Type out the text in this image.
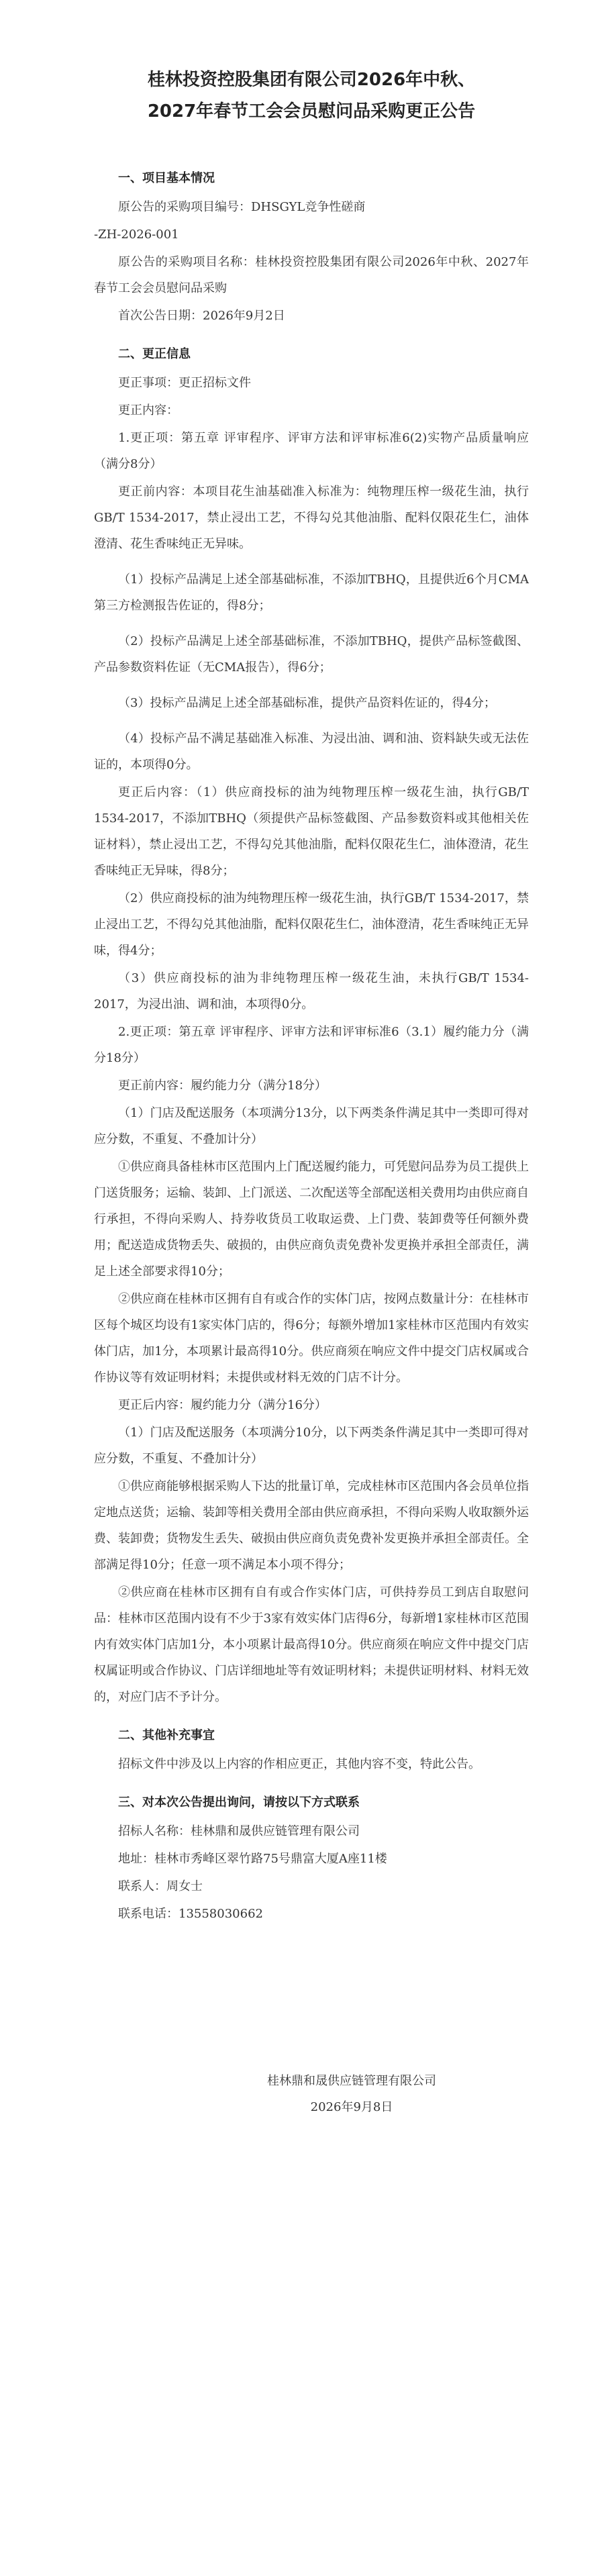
桂林投资控股集团有限公司2026年中秋、
2027年春节工会会员慰问品采购更正公告
一、项目基本情况
原公告的采购项目编号：DHSGYL竞争性磋商
-ZH-2026-001
原公告的采购项目名称：桂林投资控股集团有限公司2026年中秋、2027年春节工会会员慰问品采购
首次公告日期：2026年9月2日
二、更正信息
更正事项：更正招标文件
更正内容：
1.更正项：第五章 评审程序、评审方法和评审标准6(2)实物产品质量响应（满分8分）
更正前内容：本项目花生油基础准入标准为：纯物理压榨一级花生油，执行GB/T 1534-2017，禁止浸出工艺，不得勾兑其他油脂、配料仅限花生仁，油体澄清、花生香味纯正无异味。
（1）投标产品满足上述全部基础标准，不添加TBHQ，且提供近6个月CMA第三方检测报告佐证的，得8分；
（2）投标产品满足上述全部基础标准，不添加TBHQ，提供产品标签截图、产品参数资料佐证（无CMA报告），得6分；
（3）投标产品满足上述全部基础标准，提供产品资料佐证的，得4分；
（4）投标产品不满足基础准入标准、为浸出油、调和油、资料缺失或无法佐证的，本项得0分。
更正后内容：（1）供应商投标的油为纯物理压榨一级花生油，执行GB/T 1534-2017，不添加TBHQ（须提供产品标签截图、产品参数资料或其他相关佐证材料），禁止浸出工艺，不得勾兑其他油脂，配料仅限花生仁，油体澄清，花生香味纯正无异味，得8分；
（2）供应商投标的油为纯物理压榨一级花生油，执行GB/T 1534-2017，禁止浸出工艺，不得勾兑其他油脂，配料仅限花生仁，油体澄清，花生香味纯正无异味，得4分；
（3）供应商投标的油为非纯物理压榨一级花生油，未执行GB/T 1534-2017，为浸出油、调和油，本项得0分。
2.更正项：第五章 评审程序、评审方法和评审标准6（3.1）履约能力分（满分18分）
更正前内容：履约能力分（满分18分）
（1）门店及配送服务（本项满分13分，以下两类条件满足其中一类即可得对应分数，不重复、不叠加计分）
①供应商具备桂林市区范围内上门配送履约能力，可凭慰问品券为员工提供上门送货服务；运输、装卸、上门派送、二次配送等全部配送相关费用均由供应商自行承担，不得向采购人、持券收货员工收取运费、上门费、装卸费等任何额外费用；配送造成货物丢失、破损的，由供应商负责免费补发更换并承担全部责任，满足上述全部要求得10分；
②供应商在桂林市区拥有自有或合作的实体门店，按网点数量计分：在桂林市区每个城区均设有1家实体门店的，得6分；每额外增加1家桂林市区范围内有效实体门店，加1分，本项累计最高得10分。供应商须在响应文件中提交门店权属或合作协议等有效证明材料；未提供或材料无效的门店不计分。
更正后内容：履约能力分（满分16分）
（1）门店及配送服务（本项满分10分，以下两类条件满足其中一类即可得对应分数，不重复、不叠加计分）
①供应商能够根据采购人下达的批量订单，完成桂林市区范围内各会员单位指定地点送货；运输、装卸等相关费用全部由供应商承担，不得向采购人收取额外运费、装卸费；货物发生丢失、破损由供应商负责免费补发更换并承担全部责任。全部满足得10分；任意一项不满足本小项不得分；
②供应商在桂林市区拥有自有或合作实体门店，可供持券员工到店自取慰问品：桂林市区范围内设有不少于3家有效实体门店得6分，每新增1家桂林市区范围内有效实体门店加1分，本小项累计最高得10分。供应商须在响应文件中提交门店权属证明或合作协议、门店详细地址等有效证明材料；未提供证明材料、材料无效的，对应门店不予计分。
二、其他补充事宜
招标文件中涉及以上内容的作相应更正，其他内容不变，特此公告。
三、对本次公告提出询问，请按以下方式联系
招标人名称：桂林鼎和晟供应链管理有限公司
地址：桂林市秀峰区翠竹路75号鼎富大厦A座11楼
联系人：周女士
联系电话：13558030662
桂林鼎和晟供应链管理有限公司
2026年9月8日
